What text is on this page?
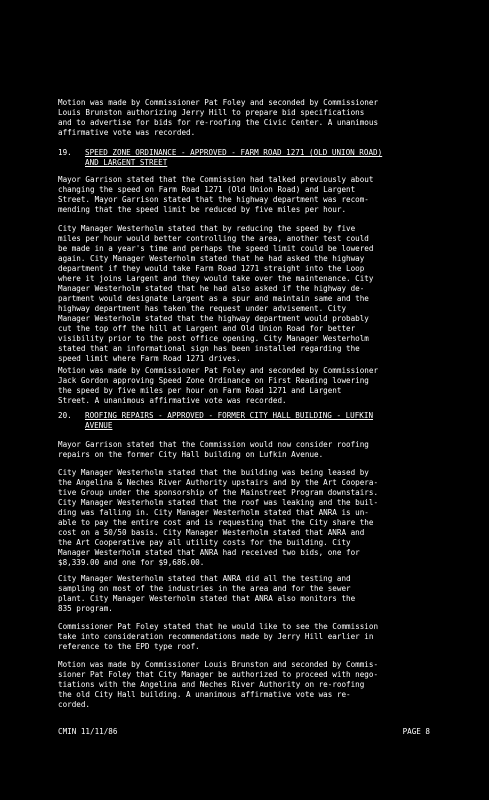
Motion was made by Commissioner Pat Foley and seconded by Commissioner
Louis Brunston authorizing Jerry Hill to prepare bid specifications
and to advertise for bids for re-roofing the Civic Center. A unanimous
affirmative vote was recorded.

19. SPEED ZONE ORDINANCE - APPROVED - FARM ROAD 1271 (OLD UNION ROAD)
AND LARGENT STREET

Mayor Garrison stated that the Commission had talked previously about
changing the speed on Farm Road 1271 (Old Union Road) and Largent
Street. Mayor Garrison stated that the highway department was recom-
mending that the speed limit be reduced by five miles per hour.

City Manager Westerholm stated that by reducing the speed by five
miles per hour would better controlling the area, another test could
be made in a year's time and perhaps the speed limit could be lowered
again. City Manager Westerholm stated that he had asked the highway
department if they would take Farm Road 1271 straight into the Loop
where it joins Largent and they would take over the maintenance. City
Manager Westerholm stated that he had also asked if the highway de-
partment would designate Largent as a spur and maintain same and the
highway department has taken the request under advisement. City
Manager Westerholm stated that the highway department would probably
cut the top off the hill at Largent and Old Union Road for better
visibility prior to the post office opening. City Manager Westerholm
stated that an informational sign has been installed regarding the
speed limit where Farm Road 1271 drives.

Motion was made by Commissioner Pat Foley and seconded by Commissioner
Jack Gordon approving Speed Zone Ordinance on First Reading lowering
the speed by five miles per hour on Farm Road 1271 and Largent
Street. A unanimous affirmative vote was recorded.

20. ROOFING REPAIRS - APPROVED - FORMER CITY HALL BUILDING - LUFKIN
AVENUE

Mayor Garrison stated that the Commission would now consider roofing
repairs on the former City Hall building on Lufkin Avenue.

City Manager Westerholm stated that the building was being leased by
the Angelina & Neches River Authority upstairs and by the Art Coopera-
tive Group under the sponsorship of the Mainstreet Program downstairs.
City Manager Westerholm stated that the roof was leaking and the buil-
ding was falling in. City Manager Westerholm stated that ANRA is un-
able to pay the entire cost and is requesting that the City share the
cost on a 50/50 basis. City Manager Westerholm stated that ANRA and
the Art Cooperative pay all utility costs for the building. City
Manager Westerholm stated that ANRA had received two bids, one for
$8,339.00 and one for $9,686.00.

City Manager Westerholm stated that ANRA did all the testing and
sampling on most of the industries in the area and for the sewer
plant. City Manager Westerholm stated that ANRA also monitors the
835 program.

Commissioner Pat Foley stated that he would like to see the Commission
take into consideration recommendations made by Jerry Hill earlier in
reference to the EPD type roof.

Motion was made by Commissioner Louis Brunston and seconded by Commis-
sioner Pat Foley that City Manager be authorized to proceed with nego-
tiations with the Angelina and Neches River Authority on re-roofing
the old City Hall building. A unanimous affirmative vote was re-
corded.

CMIN 11/11/86	PAGE 8
